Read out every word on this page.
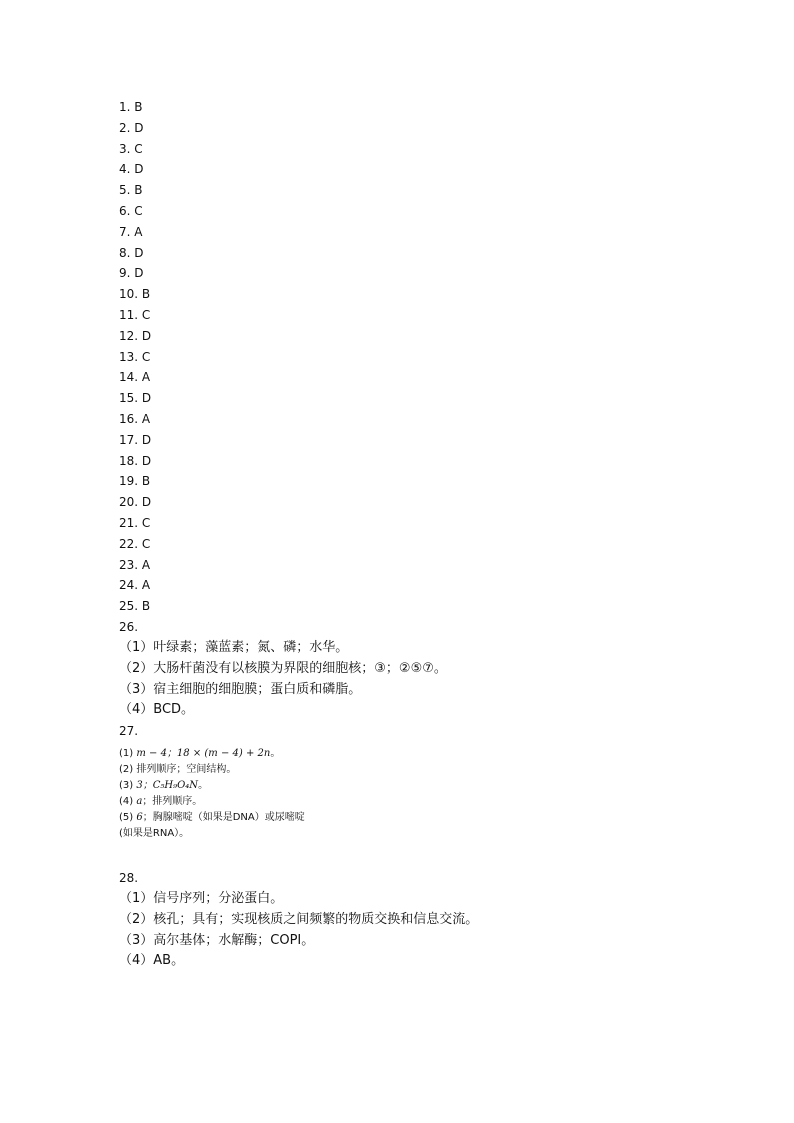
1. B
2. D
3. C
4. D
5. B
6. C
7. A
8. D
9. D
10. B
11. C
12. D
13. C
14. A
15. D
16. A
17. D
18. D
19. B
20. D
21. C
22. C
23. A
24. A
25. B
26.
（1）叶绿素；藻蓝素；氮、磷；水华。
（2）大肠杆菌没有以核膜为界限的细胞核；③；②⑤⑦。
（3）宿主细胞的细胞膜；蛋白质和磷脂。
（4）BCD。
27.
(1) m − 4；18 × (m − 4) + 2n。
(2) 排列顺序；空间结构。
(3) 3；C₅H₉O₄N。
(4) a；排列顺序。
(5) 6；胸腺嘧啶（如果是DNA）或尿嘧啶
(如果是RNA）。
28.
（1）信号序列；分泌蛋白。
（2）核孔；具有；实现核质之间频繁的物质交换和信息交流。
（3）高尔基体；水解酶；COPⅠ。
（4）AB。
